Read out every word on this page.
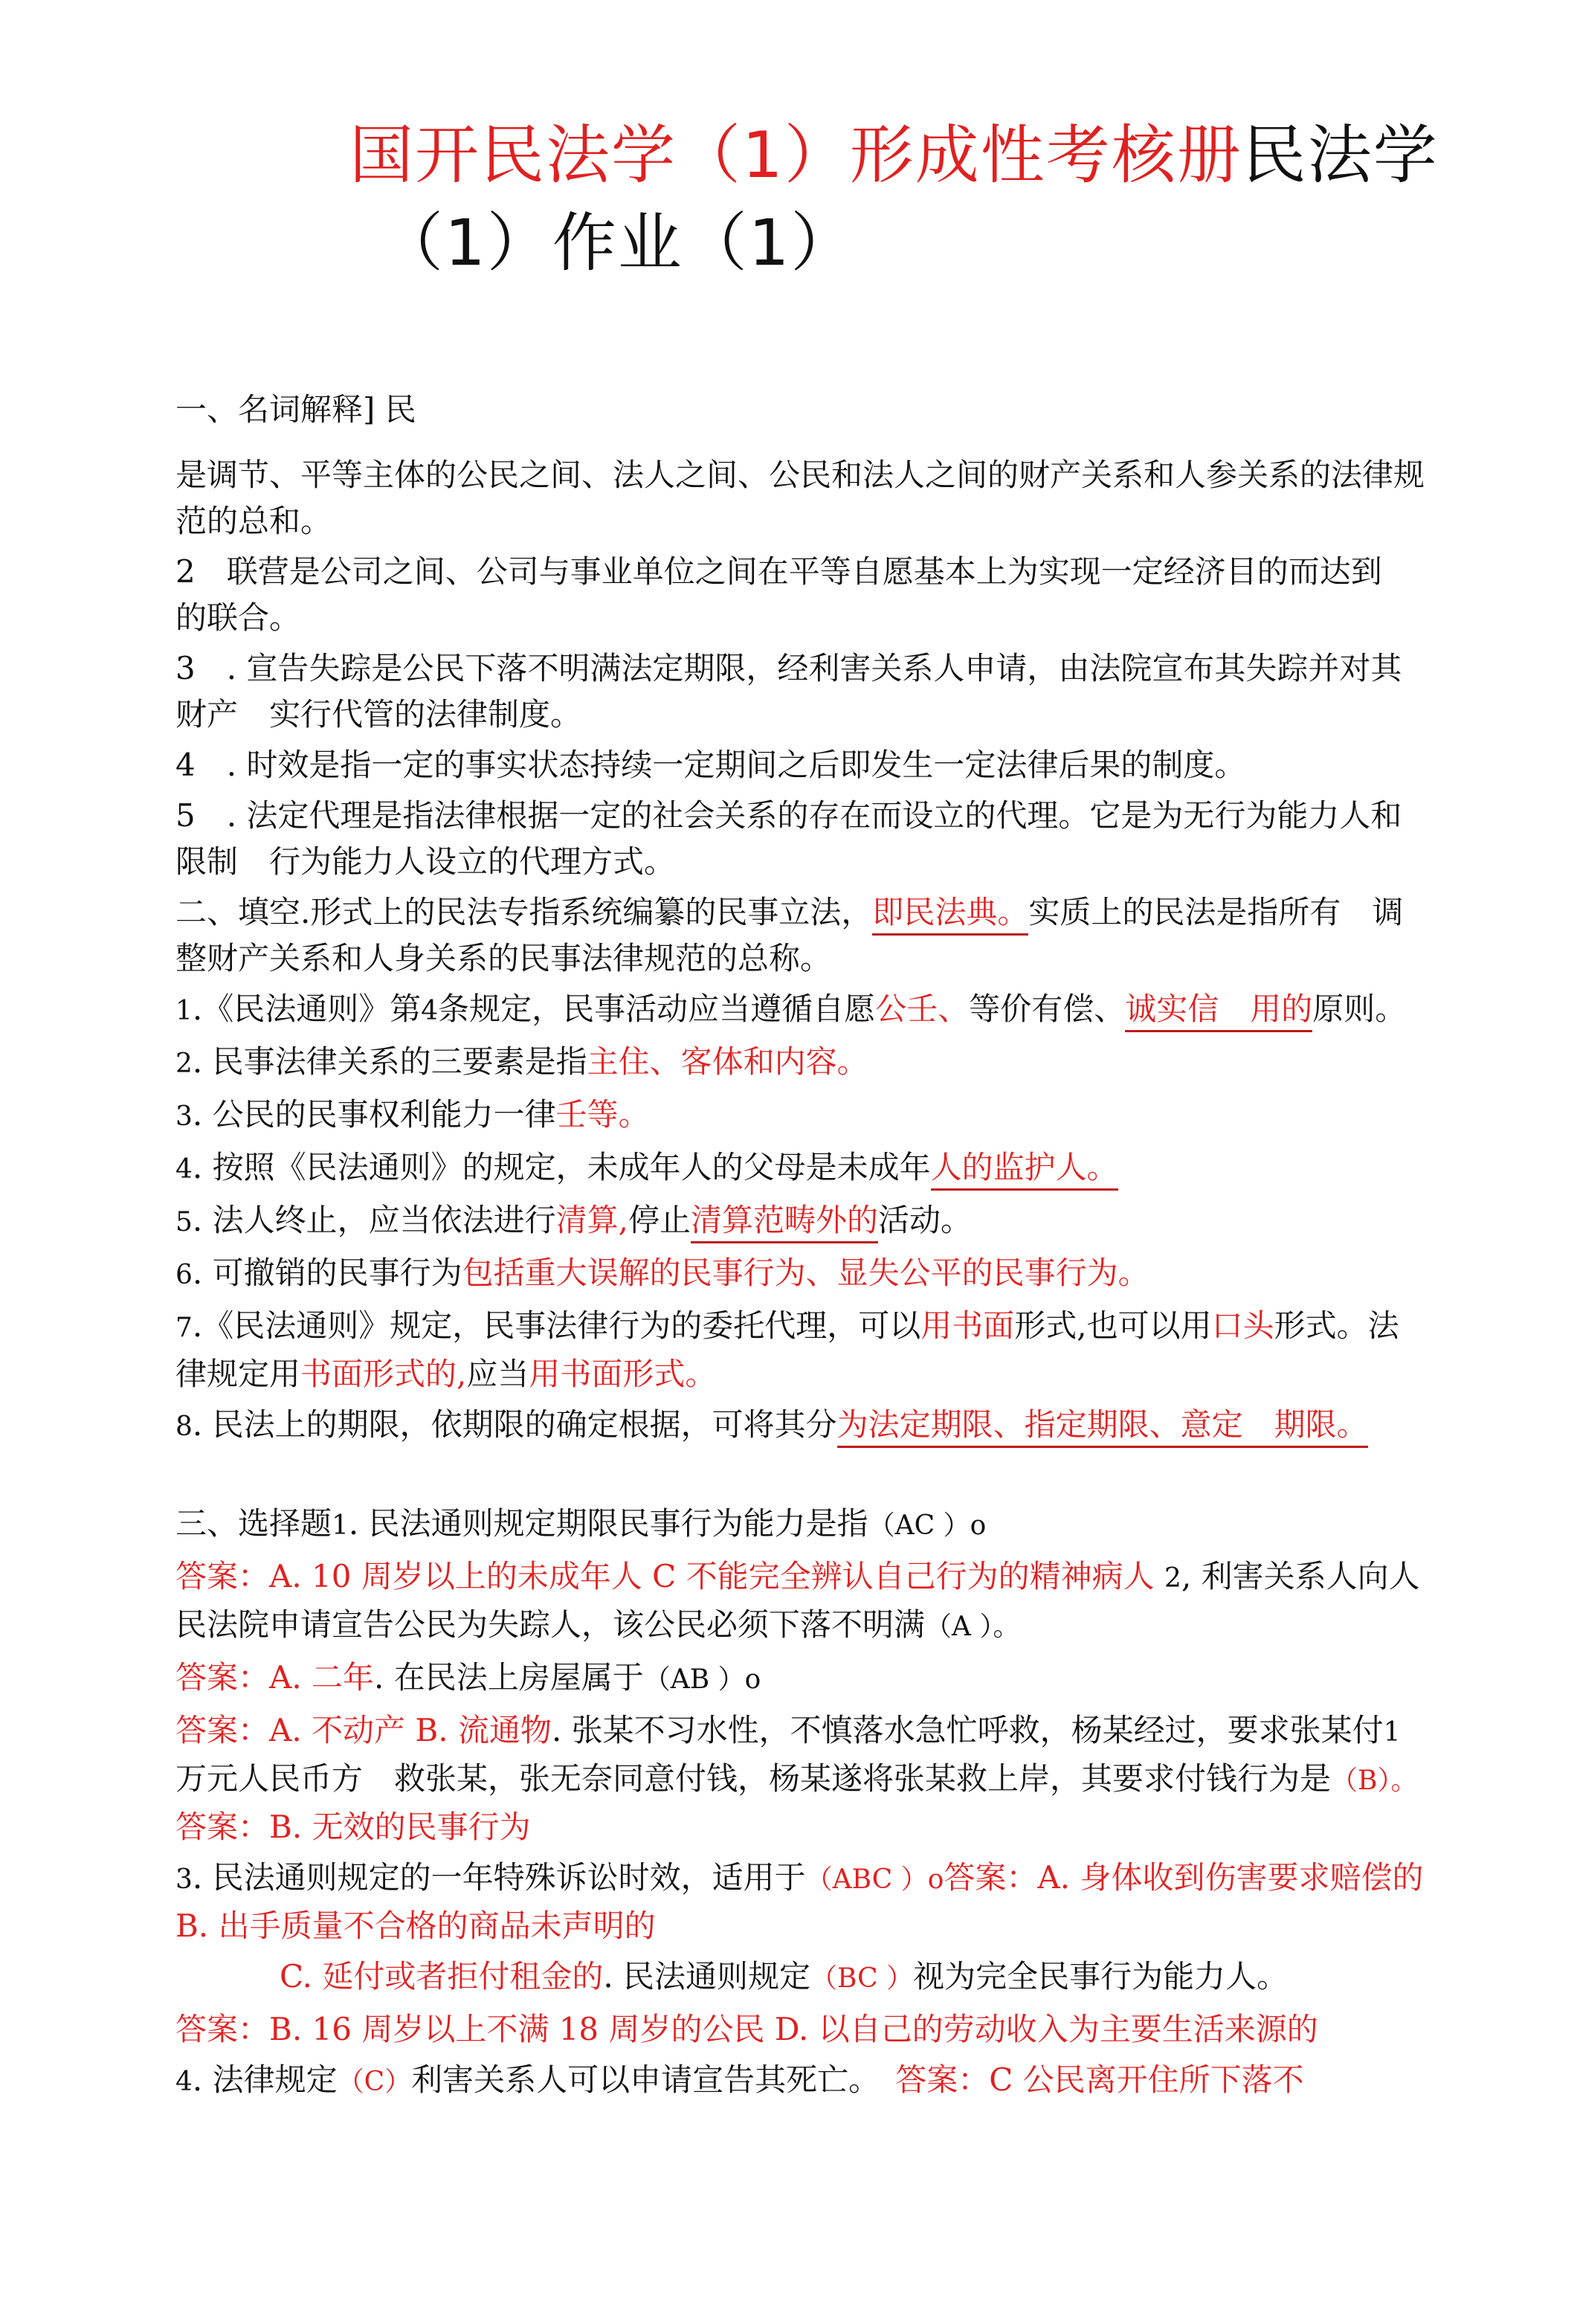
国开民法学（1）形成性考核册民法学
（1）作业（1）
一、名词解释] 民
是调节、平等主体的公民之间、法人之间、公民和法人之间的财产关系和人参关系的法律规范的总和。
2　联营是公司之间、公司与事业单位之间在平等自愿基本上为实现一定经济目的而达到　的联合。
3　. 宣告失踪是公民下落不明满法定期限，经利害关系人申请，由法院宣布其失踪并对其财产　实行代管的法律制度。
4　. 时效是指一定的事实状态持续一定期间之后即发生一定法律后果的制度。
5　. 法定代理是指法律根据一定的社会关系的存在而设立的代理。它是为无行为能力人和限制　行为能力人设立的代理方式。
二、填空.形式上的民法专指系统编纂的民事立法，即民法典。实质上的民法是指所有　调整财产关系和人身关系的民事法律规范的总称。
1.《民法通则》第4条规定，民事活动应当遵循自愿公壬、等价有偿、诚实信　用的原则。
2. 民事法律关系的三要素是指主住、客体和内容。
3. 公民的民事权利能力一律壬等。
4. 按照《民法通则》的规定，未成年人的父母是未成年人的监护人。
5. 法人终止，应当依法进行清算,停止清算范畴外的活动。
6. 可撤销的民事行为包括重大误解的民事行为、显失公平的民事行为。
7.《民法通则》规定，民事法律行为的委托代理，可以用书面形式,也可以用口头形式。法律规定用书面形式的,应当用书面形式。
8. 民法上的期限，依期限的确定根据，可将其分为法定期限、指定期限、意定　期限。
三、选择题1. 民法通则规定期限民事行为能力是指（AC ）o
答案：A. 10 周岁以上的未成年人 C 不能完全辨认自己行为的精神病人 2, 利害关系人向人民法院申请宣告公民为失踪人，该公民必须下落不明满（A ）。
答案：A. 二年. 在民法上房屋属于（AB ）o
答案：A. 不动产 B. 流通物. 张某不习水性，不慎落水急忙呼救，杨某经过，要求张某付1万元人民币方　救张某，张无奈同意付钱，杨某遂将张某救上岸，其要求付钱行为是（B）。　答案：B. 无效的民事行为
3. 民法通则规定的一年特殊诉讼时效，适用于（ABC ）o答案：A. 身体收到伤害要求赔偿的 B. 出手质量不合格的商品未声明的
C. 延付或者拒付租金的. 民法通则规定（BC ）视为完全民事行为能力人。
答案：B. 16 周岁以上不满 18 周岁的公民 D. 以自己的劳动收入为主要生活来源的
4. 法律规定（C）利害关系人可以申请宣告其死亡。　 答案：C 公民离开住所下落不
